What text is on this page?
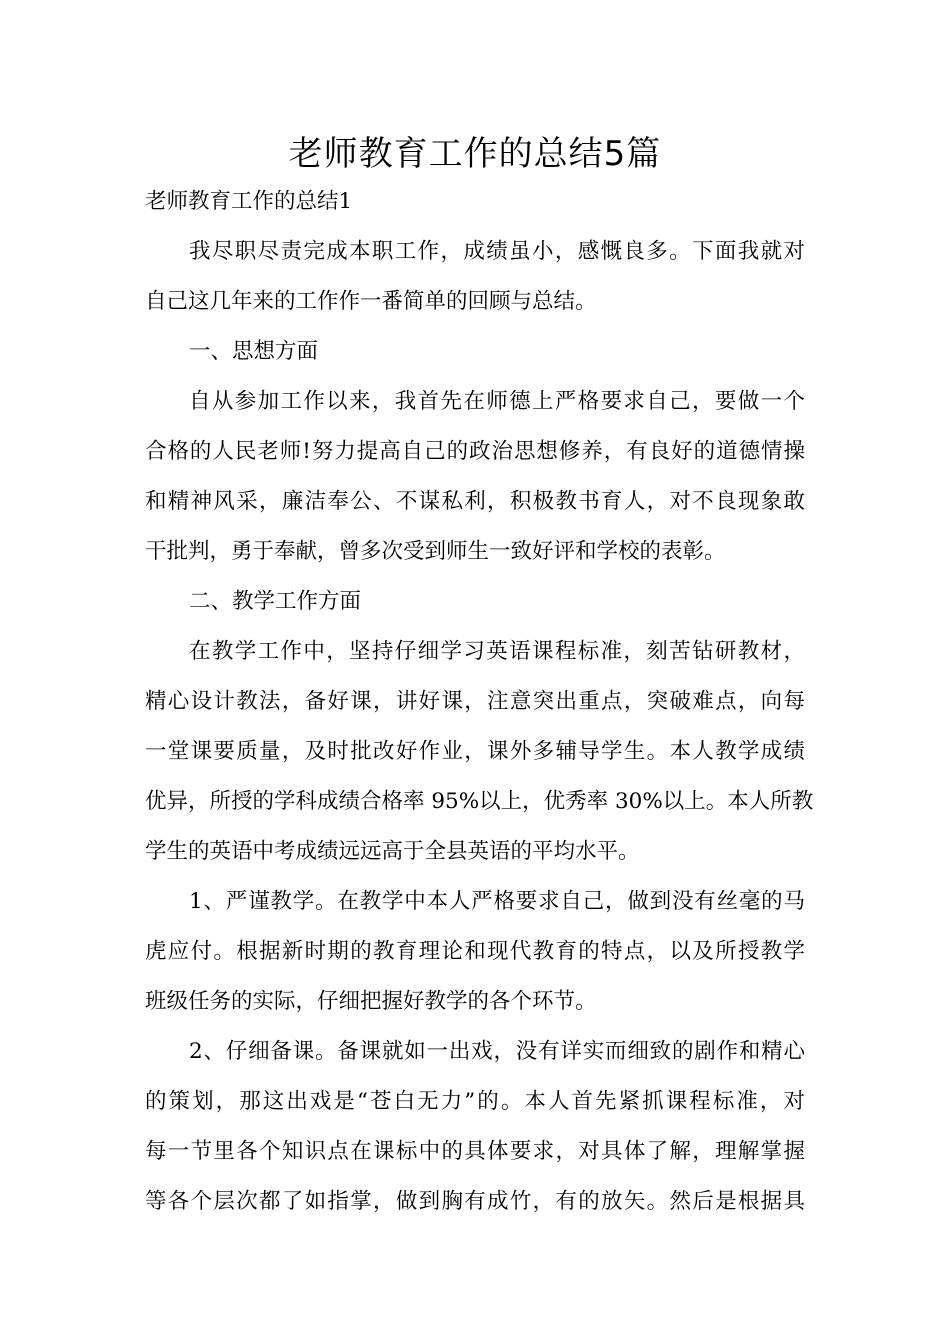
老师教育工作的总结5篇
老师教育工作的总结1
我尽职尽责完成本职工作，成绩虽小，感慨良多。下面我就对
自己这几年来的工作作一番简单的回顾与总结。
一、思想方面
自从参加工作以来，我首先在师德上严格要求自己，要做一个
合格的人民老师!努力提高自己的政治思想修养，有良好的道德情操
和精神风采，廉洁奉公、不谋私利，积极教书育人，对不良现象敢
干批判，勇于奉献，曾多次受到师生一致好评和学校的表彰。
二、教学工作方面
在教学工作中，坚持仔细学习英语课程标准，刻苦钻研教材，
精心设计教法，备好课，讲好课，注意突出重点，突破难点，向每
一堂课要质量，及时批改好作业，课外多辅导学生。本人教学成绩
优异，所授的学科成绩合格率 95%以上，优秀率 30%以上。本人所教
学生的英语中考成绩远远高于全县英语的平均水平。
1、严谨教学。在教学中本人严格要求自己，做到没有丝毫的马
虎应付。根据新时期的教育理论和现代教育的特点，以及所授教学
班级任务的实际，仔细把握好教学的各个环节。
2、仔细备课。备课就如一出戏，没有详实而细致的剧作和精心
的策划，那这出戏是“苍白无力”的。本人首先紧抓课程标准，对
每一节里各个知识点在课标中的具体要求，对具体了解，理解掌握
等各个层次都了如指掌，做到胸有成竹，有的放矢。然后是根据具
